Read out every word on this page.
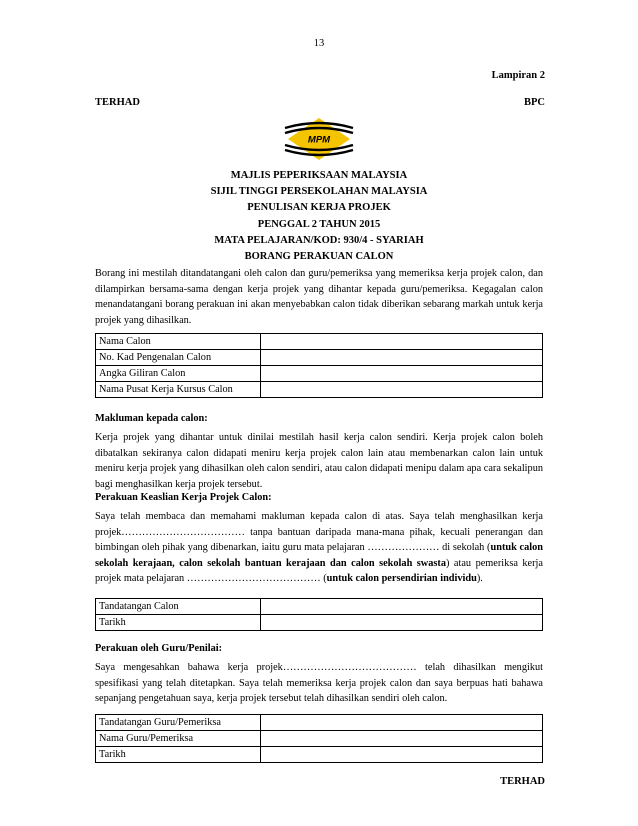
13
Lampiran 2
TERHAD	BPC
MPM
MAJLIS PEPERIKSAAN MALAYSIA
SIJIL TINGGI PERSEKOLAHAN MALAYSIA
PENULISAN KERJA PROJEK
PENGGAL 2 TAHUN 2015
MATA PELAJARAN/KOD: 930/4 - SYARIAH
BORANG PERAKUAN CALON

Borang ini mestilah ditandatangani oleh calon dan guru/pemeriksa yang memeriksa kerja projek calon, dan dilampirkan bersama-sama dengan kerja projek yang dihantar kepada guru/pemeriksa. Kegagalan calon menandatangani borang perakuan ini akan menyebabkan calon tidak diberikan sebarang markah untuk kerja projek yang dihasilkan.

Nama Calon	
No. Kad Pengenalan Calon	
Angka Giliran Calon	
Nama Pusat Kerja Kursus Calon	
Makluman kepada calon:

Kerja projek yang dihantar untuk dinilai mestilah hasil kerja calon sendiri. Kerja projek calon boleh dibatalkan sekiranya calon didapati meniru kerja projek calon lain atau membenarkan calon lain untuk meniru kerja projek yang dihasilkan oleh calon sendiri, atau calon didapati menipu dalam apa cara sekalipun bagi menghasilkan kerja projek tersebut.

Perakuan Keaslian Kerja Projek Calon:

Saya telah membaca dan memahami makluman kepada calon di atas. Saya telah menghasilkan kerja projek……………………………… tanpa bantuan daripada mana-mana pihak, kecuali penerangan dan bimbingan oleh pihak yang dibenarkan, iaitu guru mata pelajaran ………………… di sekolah (untuk calon sekolah kerajaan, calon sekolah bantuan kerajaan dan calon sekolah swasta) atau pemeriksa kerja projek mata pelajaran ………………………………… (untuk calon persendirian individu).

Tandatangan Calon	
Tarikh	
Perakuan oleh Guru/Penilai:

Saya mengesahkan bahawa kerja projek………………………………… telah dihasilkan mengikut spesifikasi yang telah ditetapkan. Saya telah memeriksa kerja projek calon dan saya berpuas hati bahawa sepanjang pengetahuan saya, kerja projek tersebut telah dihasilkan sendiri oleh calon.

Tandatangan Guru/Pemeriksa	
Nama Guru/Pemeriksa	
Tarikh	
TERHAD
